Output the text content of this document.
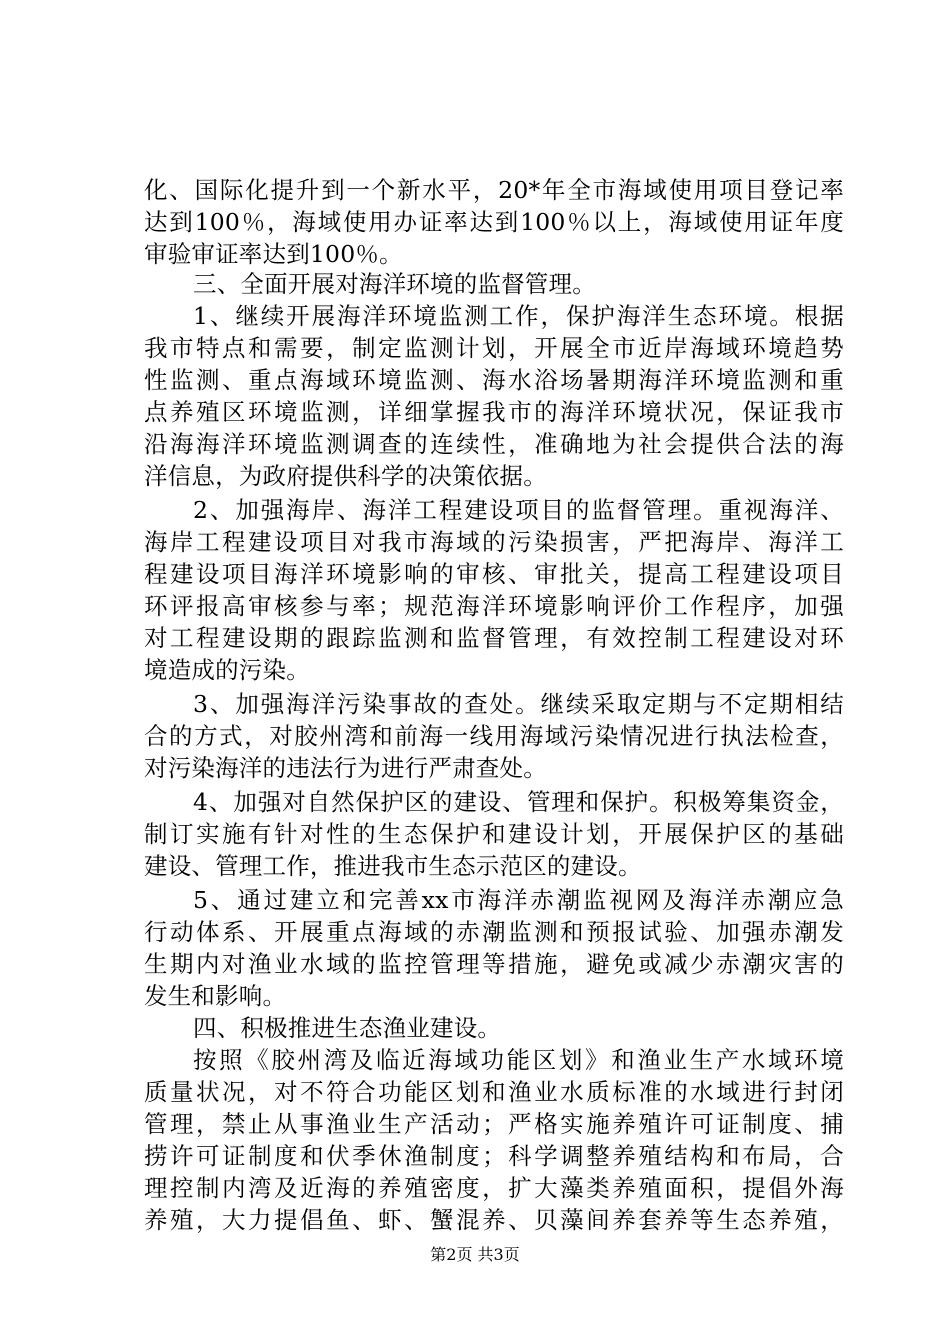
化、国际化提升到一个新水平，20*年全市海域使用项目登记率
达到100％，海域使用办证率达到100％以上，海域使用证年度
审验审证率达到100％。
三、全面开展对海洋环境的监督管理。
1、继续开展海洋环境监测工作，保护海洋生态环境。根据
我市特点和需要，制定监测计划，开展全市近岸海域环境趋势
性监测、重点海域环境监测、海水浴场暑期海洋环境监测和重
点养殖区环境监测，详细掌握我市的海洋环境状况，保证我市
沿海海洋环境监测调查的连续性，准确地为社会提供合法的海
洋信息，为政府提供科学的决策依据。
2、加强海岸、海洋工程建设项目的监督管理。重视海洋、
海岸工程建设项目对我市海域的污染损害，严把海岸、海洋工
程建设项目海洋环境影响的审核、审批关，提高工程建设项目
环评报高审核参与率；规范海洋环境影响评价工作程序，加强
对工程建设期的跟踪监测和监督管理，有效控制工程建设对环
境造成的污染。
3、加强海洋污染事故的查处。继续采取定期与不定期相结
合的方式，对胶州湾和前海一线用海域污染情况进行执法检查，
对污染海洋的违法行为进行严肃查处。
4、加强对自然保护区的建设、管理和保护。积极筹集资金，
制订实施有针对性的生态保护和建设计划，开展保护区的基础
建设、管理工作，推进我市生态示范区的建设。
5、通过建立和完善xx市海洋赤潮监视网及海洋赤潮应急
行动体系、开展重点海域的赤潮监测和预报试验、加强赤潮发
生期内对渔业水域的监控管理等措施，避免或减少赤潮灾害的
发生和影响。
四、积极推进生态渔业建设。
按照《胶州湾及临近海域功能区划》和渔业生产水域环境
质量状况，对不符合功能区划和渔业水质标准的水域进行封闭
管理，禁止从事渔业生产活动；严格实施养殖许可证制度、捕
捞许可证制度和伏季休渔制度；科学调整养殖结构和布局，合
理控制内湾及近海的养殖密度，扩大藻类养殖面积，提倡外海
养殖，大力提倡鱼、虾、蟹混养、贝藻间养套养等生态养殖，
第2页 共3页
